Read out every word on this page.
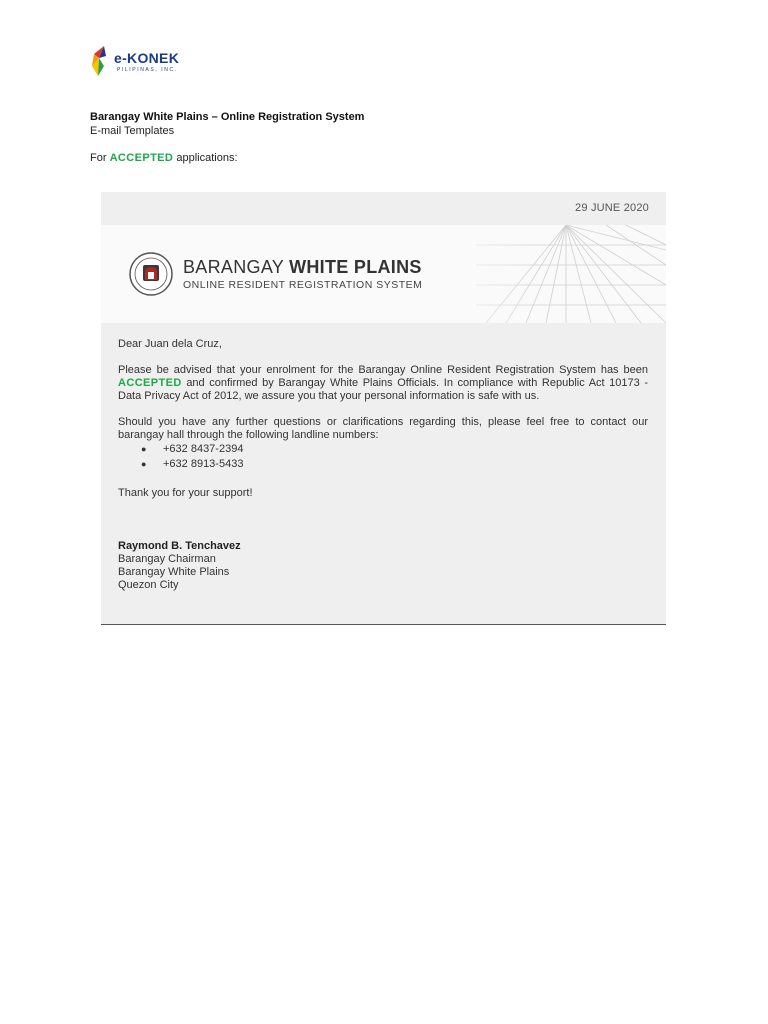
e-KONEK
PILIPINAS, INC.
Barangay White Plains – Online Registration System
E-mail Templates
For ACCEPTED applications:
29 JUNE 2020
BARANGAY WHITE PLAINS
ONLINE RESIDENT REGISTRATION SYSTEM

Dear Juan dela Cruz,

Please be advised that your enrolment for the Barangay Online Resident Registration System has been ACCEPTED and confirmed by Barangay White Plains Officials. In compliance with Republic Act 10173 - Data Privacy Act of 2012, we assure you that your personal information is safe with us.

Should you have any further questions or clarifications regarding this, please feel free to contact our barangay hall through the following landline numbers:

● +632 8437-2394
● +632 8913-5433

Thank you for your support!

Raymond B. Tenchavez

Barangay Chairman

Barangay White Plains

Quezon City
